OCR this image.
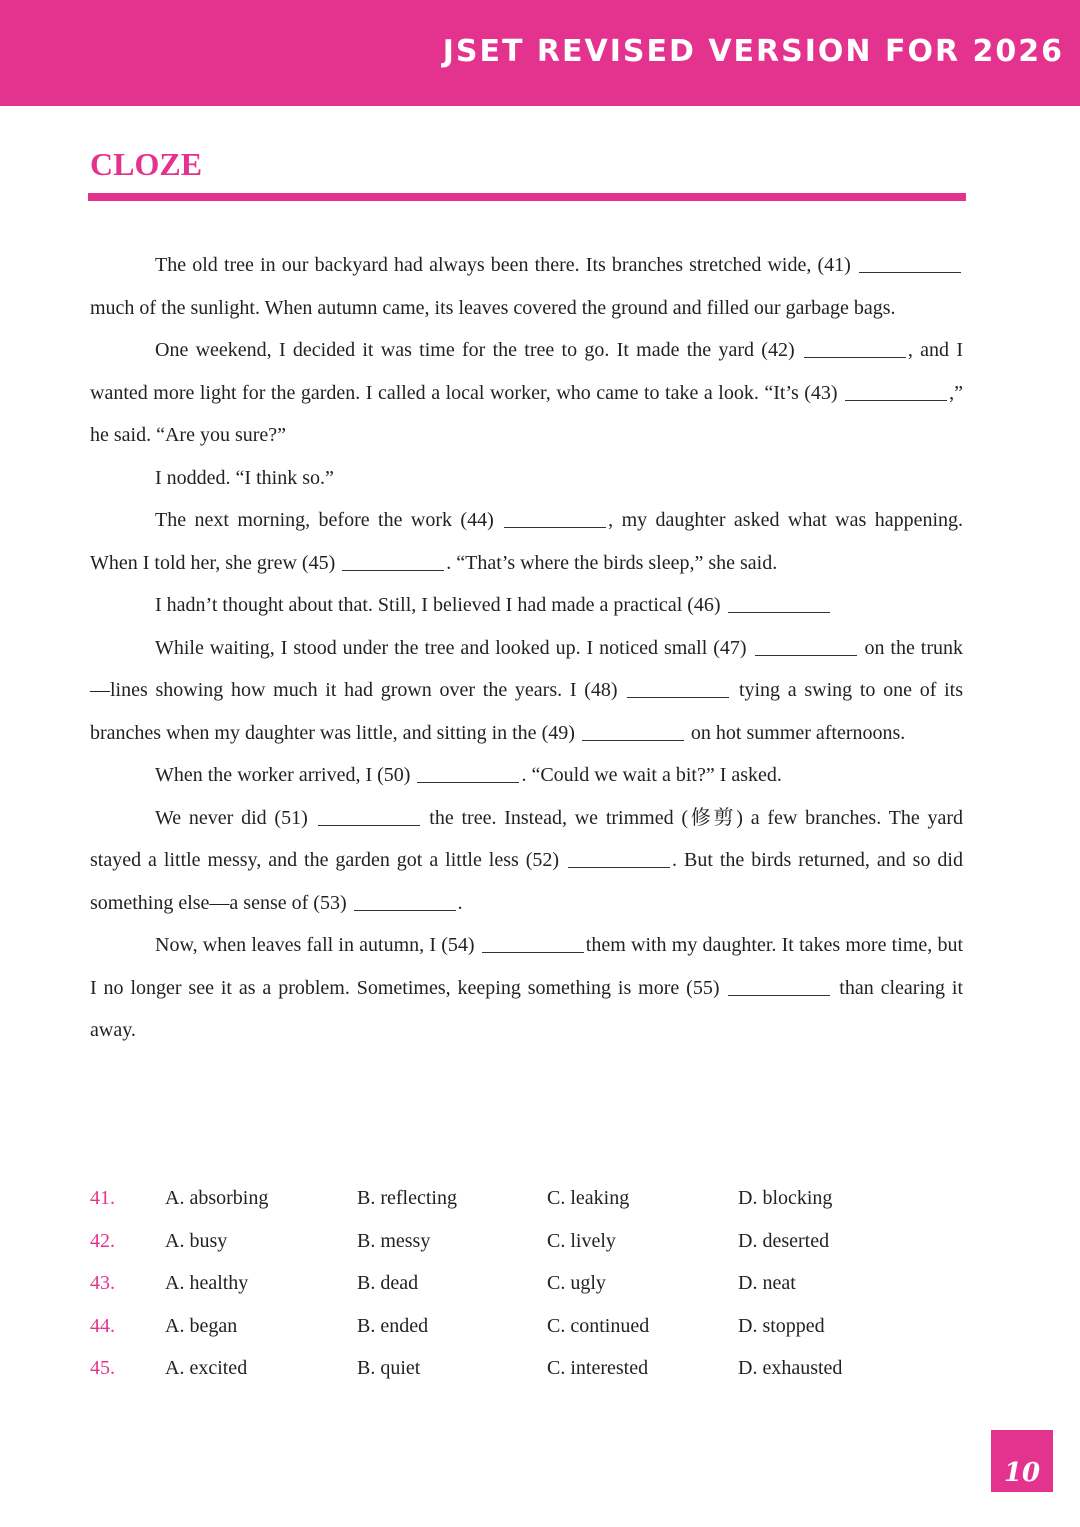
JSET REVISED VERSION FOR 2026
CLOZE

The old tree in our backyard had always been there. Its branches stretched wide, (41)  much of the sunlight. When autumn came, its leaves covered the ground and filled our garbage bags.

One weekend, I decided it was time for the tree to go. It made the yard (42)	, and I wanted more light for the garden. I called a local worker, who came to take a look. “It’s (43)	,” he said. “Are you sure?”

I nodded. “I think so.”

The next morning, before the work (44)	, my daughter asked what was happening. When I told her, she grew (45)	. “That’s where the birds sleep,” she said.

I hadn’t thought about that. Still, I believed I had made a practical (46)

While waiting, I stood under the tree and looked up. I noticed small (47)	on the trunk—lines showing how much it had grown over the years. I (48)	tying a swing to one of its branches when my daughter was little, and sitting in the (49)	on hot summer afternoons.

When the worker arrived, I (50)	. “Could we wait a bit?” I asked.

We never did (51)	the tree. Instead, we trimmed (修剪) a few branches. The yard stayed a little messy, and the garden got a little less (52)	. But the birds returned, and so did something else—a sense of (53)	.

Now, when leaves fall in autumn, I (54)	them with my daughter. It takes more time, but I no longer see it as a problem. Sometimes, keeping something is more (55)	than clearing it away.

41.	A. absorbing	B. reflecting	C. leaking	D. blocking
42.	A. busy	B. messy	C. lively	D. deserted
43.	A. healthy	B. dead	C. ugly	D. neat
44.	A. began	B. ended	C. continued	D. stopped
45.	A. excited	B. quiet	C. interested	D. exhausted
10
